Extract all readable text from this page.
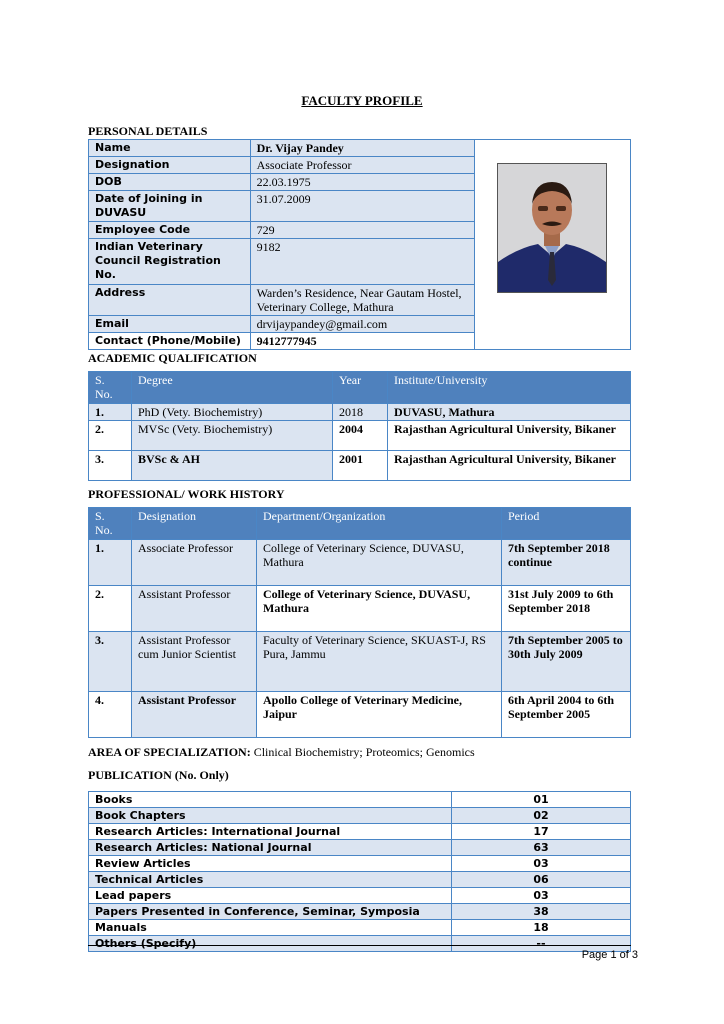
FACULTY PROFILE
PERSONAL DETAILS
Name	Dr. Vijay Pandey	

Designation	Associate Professor	
DOB	22.03.1975	
Date of Joining in DUVASU	31.07.2009	
Employee Code	729	
Indian Veterinary Council Registration No.	9182	
Address	Warden’s Residence, Near Gautam Hostel, Veterinary College, Mathura	
Email	drvijaypandey@gmail.com	
Contact (Phone/Mobile)	9412777945	
ACADEMIC QUALIFICATION
S. No.	Degree	Year	Institute/University
1.	PhD (Vety. Biochemistry)	2018	DUVASU, Mathura
2.	MVSc (Vety. Biochemistry)	2004	Rajasthan Agricultural University, Bikaner
3.	BVSc & AH	2001	Rajasthan Agricultural University, Bikaner
PROFESSIONAL/ WORK HISTORY
S. No.	Designation	Department/Organization	Period
1.	Associate Professor	College of Veterinary Science, DUVASU, Mathura	7th September 2018 continue
2.	Assistant Professor	College of Veterinary Science, DUVASU, Mathura	31st July 2009 to 6th September 2018
3.	Assistant Professor cum Junior Scientist	Faculty of Veterinary Science, SKUAST-J, RS Pura, Jammu	7th September 2005 to 30th July 2009
4.	Assistant Professor	Apollo College of Veterinary Medicine, Jaipur	6th April 2004 to 6th September 2005
AREA OF SPECIALIZATION: Clinical Biochemistry; Proteomics; Genomics
PUBLICATION (No. Only)
Books	01
Book Chapters	02
Research Articles: International Journal	17
Research Articles: National Journal	63
Review Articles	03
Technical Articles	06
Lead papers	03
Papers Presented in Conference, Seminar, Symposia	38
Manuals	18
Others (Specify)	--
Page 1 of 3
